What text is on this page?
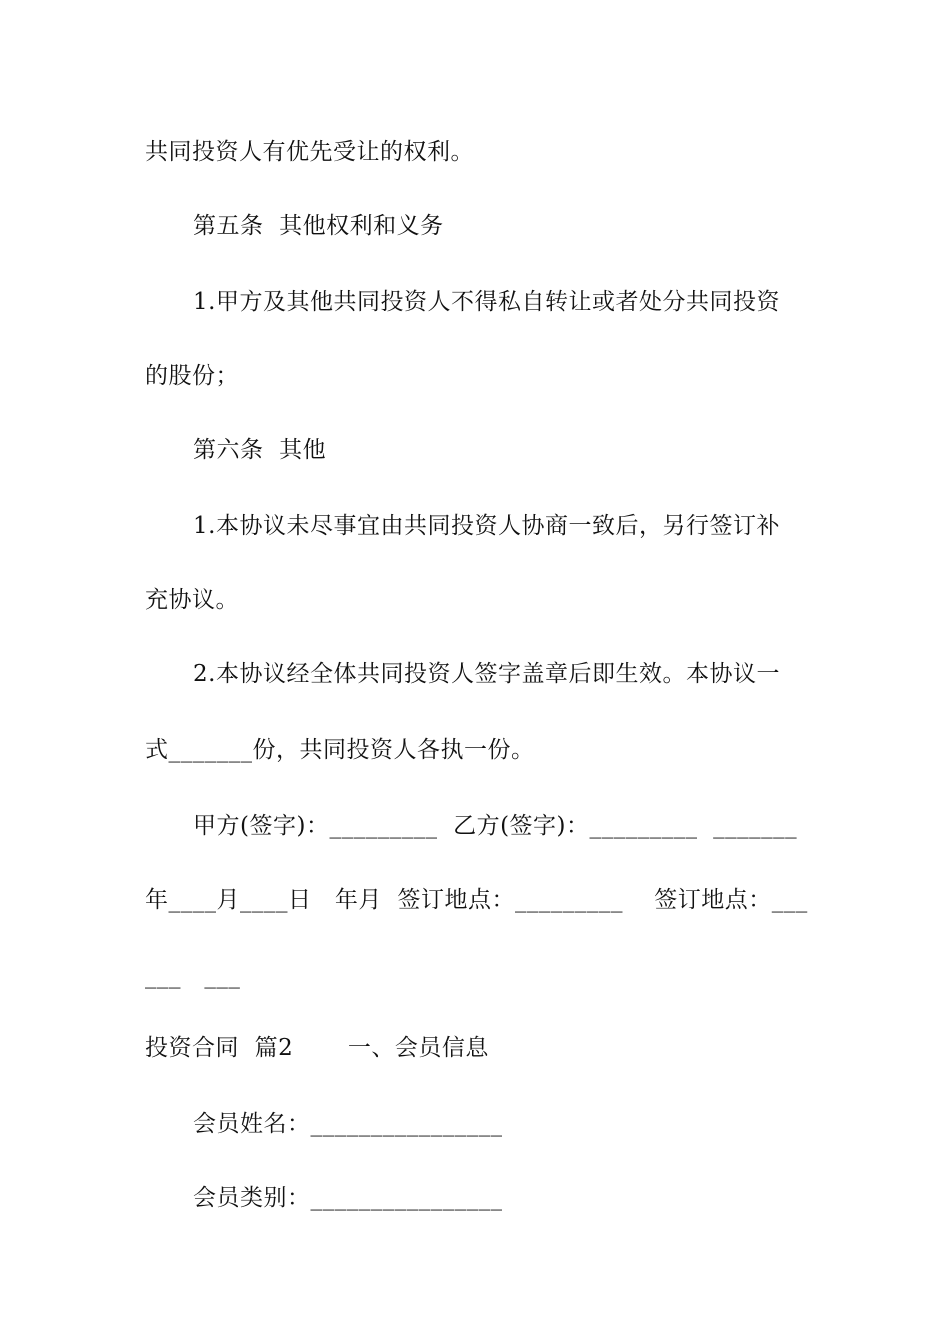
共同投资人有优先受让的权利。
第五条  其他权利和义务
1.甲方及其他共同投资人不得私自转让或者处分共同投资
的股份；
第六条  其他
1.本协议未尽事宜由共同投资人协商一致后，另行签订补
充协议。
2.本协议经全体共同投资人签字盖章后即生效。本协议一
式_______份，共同投资人各执一份。
甲方(签字)：_________  乙方(签字)：_________  _______
年____月____日   年月  签订地点：_________    签订地点：___
___   ___
投资合同  篇2       一、会员信息
会员姓名：________________
会员类别：________________
